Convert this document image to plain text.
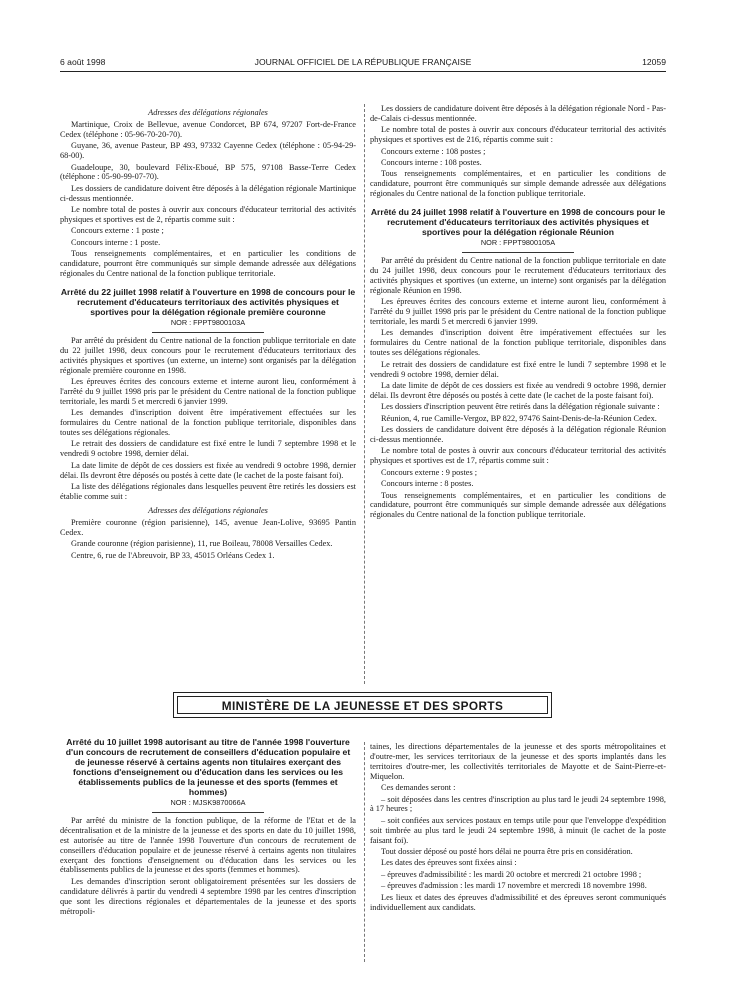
6 août 1998	JOURNAL OFFICIEL DE LA RÉPUBLIQUE FRANÇAISE	12059

Adresses des délégations régionales

Martinique, Croix de Bellevue, avenue Condorcet, BP 674, 97207 Fort-de-France Cedex (téléphone : 05-96-70-20-70).

Guyane, 36, avenue Pasteur, BP 493, 97332 Cayenne Cedex (téléphone : 05-94-29-68-00).

Guadeloupe, 30, boulevard Félix-Eboué, BP 575, 97108 Basse-Terre Cedex (téléphone : 05-90-99-07-70).

Les dossiers de candidature doivent être déposés à la délégation régionale Martinique ci-dessus mentionnée.

Le nombre total de postes à ouvrir aux concours d'éducateur territorial des activités physiques et sportives est de 2, répartis comme suit :

Concours externe : 1 poste ;

Concours interne : 1 poste.

Tous renseignements complémentaires, et en particulier les conditions de candidature, pourront être communiqués sur simple demande adressée aux délégations régionales du Centre national de la fonction publique territoriale.

Arrêté du 22 juillet 1998 relatif à l'ouverture en 1998 de concours pour le recrutement d'éducateurs territoriaux des activités physiques et sportives pour la délégation régionale première couronne

NOR : FPPT9800103A

Par arrêté du président du Centre national de la fonction publique territoriale en date du 22 juillet 1998, deux concours pour le recrutement d'éducateurs territoriaux des activités physiques et sportives (un externe, un interne) sont organisés par la délégation régionale première couronne en 1998.

Les épreuves écrites des concours externe et interne auront lieu, conformément à l'arrêté du 9 juillet 1998 pris par le président du Centre national de la fonction publique territoriale, les mardi 5 et mercredi 6 janvier 1999.

Les demandes d'inscription doivent être impérativement effectuées sur les formulaires du Centre national de la fonction publique territoriale, disponibles dans toutes ses délégations régionales.

Le retrait des dossiers de candidature est fixé entre le lundi 7 septembre 1998 et le vendredi 9 octobre 1998, dernier délai.

La date limite de dépôt de ces dossiers est fixée au vendredi 9 octobre 1998, dernier délai. Ils devront être déposés ou postés à cette date (le cachet de la poste faisant foi).

La liste des délégations régionales dans lesquelles peuvent être retirés les dossiers est établie comme suit :

Adresses des délégations régionales

Première couronne (région parisienne), 145, avenue Jean-Lolive, 93695 Pantin Cedex.

Grande couronne (région parisienne), 11, rue Boileau, 78008 Versailles Cedex.

Centre, 6, rue de l'Abreuvoir, BP 33, 45015 Orléans Cedex 1.

Les dossiers de candidature doivent être déposés à la délégation régionale Nord - Pas-de-Calais ci-dessus mentionnée.

Le nombre total de postes à ouvrir aux concours d'éducateur territorial des activités physiques et sportives est de 216, répartis comme suit :

Concours externe : 108 postes ;

Concours interne : 108 postes.

Tous renseignements complémentaires, et en particulier les conditions de candidature, pourront être communiqués sur simple demande adressée aux délégations régionales du Centre national de la fonction publique territoriale.

Arrêté du 24 juillet 1998 relatif à l'ouverture en 1998 de concours pour le recrutement d'éducateurs territoriaux des activités physiques et sportives pour la délégation régionale Réunion

NOR : FPPT9800105A

Par arrêté du président du Centre national de la fonction publique territoriale en date du 24 juillet 1998, deux concours pour le recrutement d'éducateurs territoriaux des activités physiques et sportives (un externe, un interne) sont organisés par la délégation régionale Réunion en 1998.

Les épreuves écrites des concours externe et interne auront lieu, conformément à l'arrêté du 9 juillet 1998 pris par le président du Centre national de la fonction publique territoriale, les mardi 5 et mercredi 6 janvier 1999.

Les demandes d'inscription doivent être impérativement effectuées sur les formulaires du Centre national de la fonction publique territoriale, disponibles dans toutes ses délégations régionales.

Le retrait des dossiers de candidature est fixé entre le lundi 7 septembre 1998 et le vendredi 9 octobre 1998, dernier délai.

La date limite de dépôt de ces dossiers est fixée au vendredi 9 octobre 1998, dernier délai. Ils devront être déposés ou postés à cette date (le cachet de la poste faisant foi).

Les dossiers d'inscription peuvent être retirés dans la délégation régionale suivante :

Réunion, 4, rue Camille-Vergoz, BP 822, 97476 Saint-Denis-de-la-Réunion Cedex.

Les dossiers de candidature doivent être déposés à la délégation régionale Réunion ci-dessus mentionnée.

Le nombre total de postes à ouvrir aux concours d'éducateur territorial des activités physiques et sportives est de 17, répartis comme suit :

Concours externe : 9 postes ;

Concours interne : 8 postes.

Tous renseignements complémentaires, et en particulier les conditions de candidature, pourront être communiqués sur simple demande adressée aux délégations régionales du Centre national de la fonction publique territoriale.

MINISTÈRE DE LA JEUNESSE ET DES SPORTS

Arrêté du 10 juillet 1998 autorisant au titre de l'année 1998 l'ouverture d'un concours de recrutement de conseillers d'éducation populaire et de jeunesse réservé à certains agents non titulaires exerçant des fonctions d'enseignement ou d'éducation dans les services ou les établissements publics de la jeunesse et des sports (femmes et hommes)

NOR : MJSK9870066A

Par arrêté du ministre de la fonction publique, de la réforme de l'Etat et de la décentralisation et de la ministre de la jeunesse et des sports en date du 10 juillet 1998, est autorisée au titre de l'année 1998 l'ouverture d'un concours de recrutement de conseillers d'éducation populaire et de jeunesse réservé à certains agents non titulaires exerçant des fonctions d'enseignement ou d'éducation dans les services ou les établissements publics de la jeunesse et des sports (femmes et hommes).

Les demandes d'inscription seront obligatoirement présentées sur les dossiers de candidature délivrés à partir du vendredi 4 septembre 1998 par les centres d'inscription que sont les directions régionales et départementales de la jeunesse et des sports métropoli-

taines, les directions départementales de la jeunesse et des sports métropolitaines et d'outre-mer, les services territoriaux de la jeunesse et des sports implantés dans les territoires d'outre-mer, les collectivités territoriales de Mayotte et de Saint-Pierre-et-Miquelon.

Ces demandes seront :

– soit déposées dans les centres d'inscription au plus tard le jeudi 24 septembre 1998, à 17 heures ;

– soit confiées aux services postaux en temps utile pour que l'enveloppe d'expédition soit timbrée au plus tard le jeudi 24 septembre 1998, à minuit (le cachet de la poste faisant foi).

Tout dossier déposé ou posté hors délai ne pourra être pris en considération.

Les dates des épreuves sont fixées ainsi :

– épreuves d'admissibilité : les mardi 20 octobre et mercredi 21 octobre 1998 ;

– épreuves d'admission : les mardi 17 novembre et mercredi 18 novembre 1998.

Les lieux et dates des épreuves d'admissibilité et des épreuves seront communiqués individuellement aux candidats.
